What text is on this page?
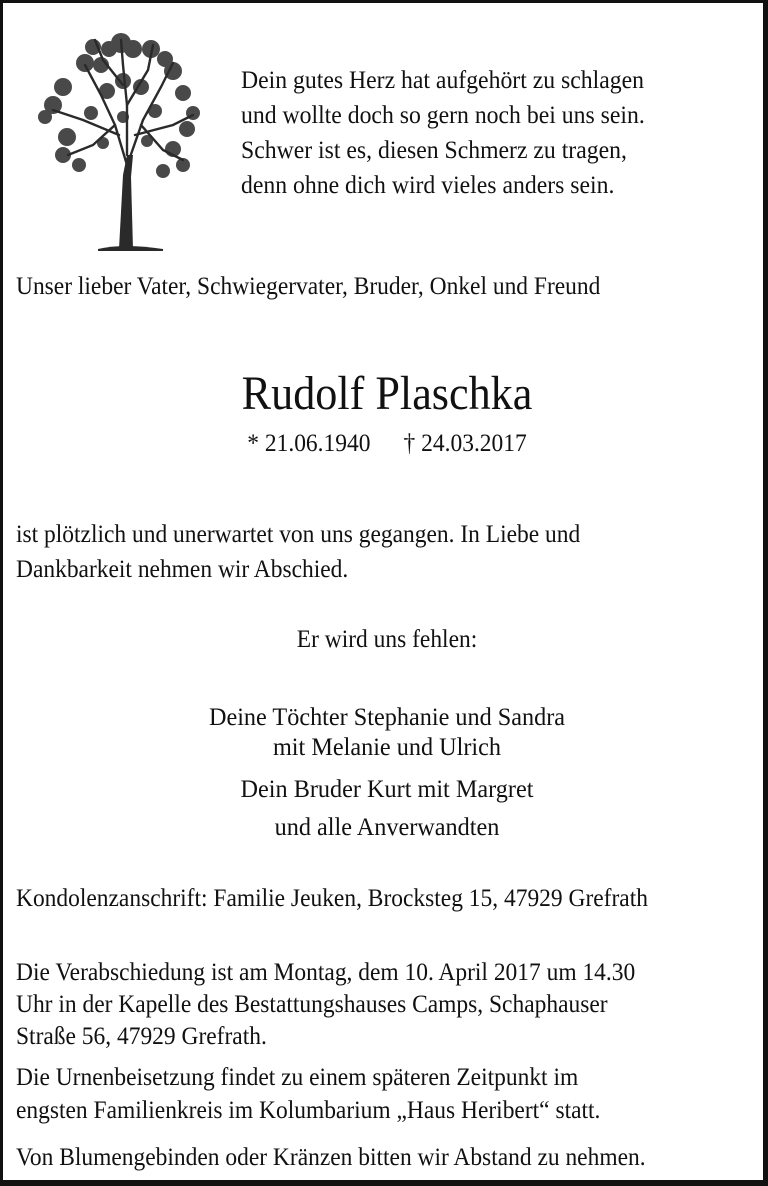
Dein gutes Herz hat aufgehört zu schlagen
und wollte doch so gern noch bei uns sein.
Schwer ist es, diesen Schmerz zu tragen,
denn ohne dich wird vieles anders sein.
Unser lieber Vater, Schwiegervater, Bruder, Onkel und Freund
Rudolf Plaschka
* 21.06.1940 † 24.03.2017
ist plötzlich und unerwartet von uns gegangen. In Liebe und
Dankbarkeit nehmen wir Abschied.
Er wird uns fehlen:
Deine Töchter Stephanie und Sandra
mit Melanie und Ulrich
Dein Bruder Kurt mit Margret
und alle Anverwandten
Kondolenzanschrift: Familie Jeuken, Brocksteg 15, 47929 Grefrath
Die Verabschiedung ist am Montag, dem 10. April 2017 um 14.30
Uhr in der Kapelle des Bestattungshauses Camps, Schaphauser
Straße 56, 47929 Grefrath.
Die Urnenbeisetzung findet zu einem späteren Zeitpunkt im
engsten Familienkreis im Kolumbarium „Haus Heribert“ statt.
Von Blumengebinden oder Kränzen bitten wir Abstand zu nehmen.
